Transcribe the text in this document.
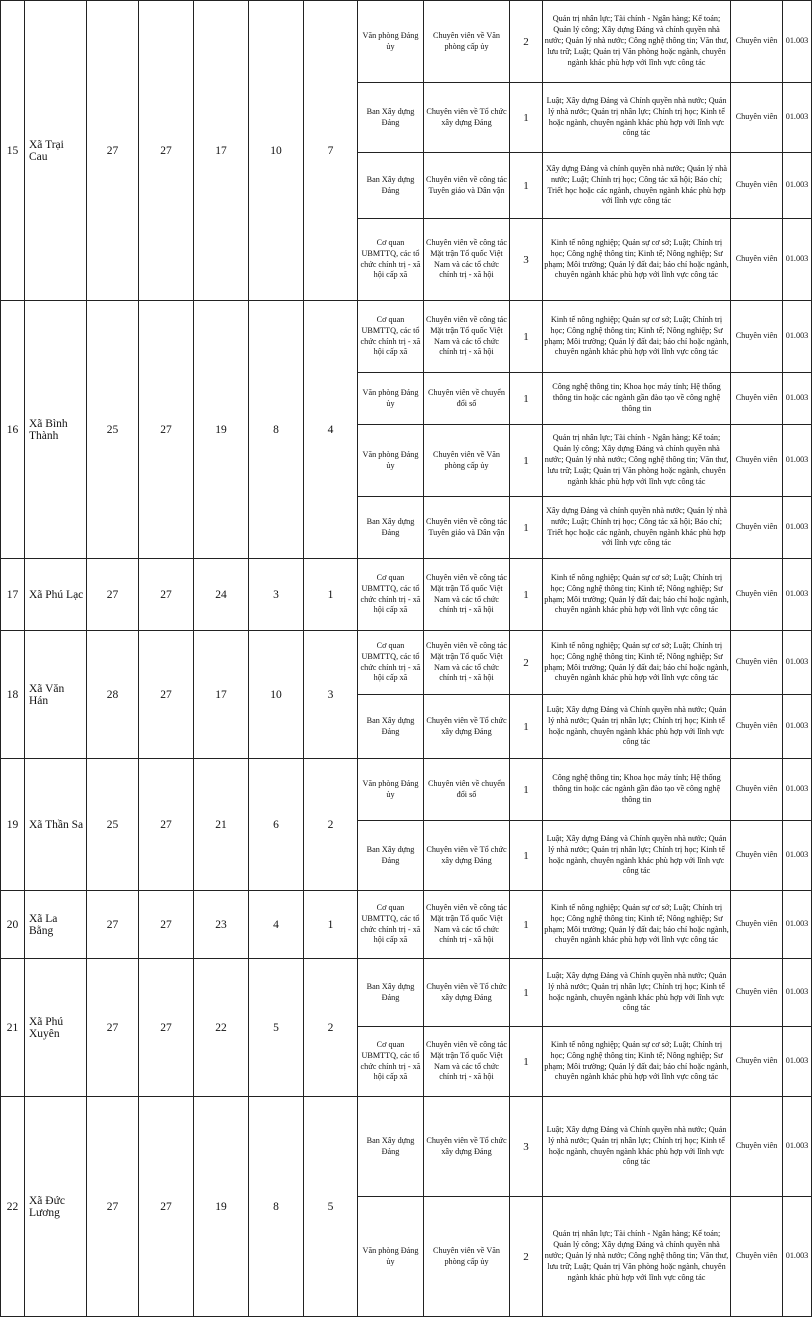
15	Xã Trại Cau	27	27	17	10	7	Văn phòng Đảng ủy	Chuyên viên về Văn phòng cấp ủy	2	Quản trị nhân lực; Tài chính - Ngân hàng; Kế toán; Quản lý công; Xây dựng Đảng và chính quyền nhà nước; Quản lý nhà nước; Công nghệ thông tin; Văn thư, lưu trữ; Luật; Quản trị Văn phòng hoặc ngành, chuyên ngành khác phù hợp với lĩnh vực công tác	Chuyên viên	01.003
							Ban Xây dựng Đảng	Chuyên viên về Tổ chức xây dựng Đảng	1	Luật; Xây dựng Đảng và Chính quyền nhà nước; Quản lý nhà nước; Quản trị nhân lực; Chính trị học; Kinh tế hoặc ngành, chuyên ngành khác phù hợp với lĩnh vực công tác	Chuyên viên	01.003
							Ban Xây dựng Đảng	Chuyên viên về công tác Tuyên giáo và Dân vận	1	Xây dựng Đảng và chính quyền nhà nước; Quản lý nhà nước; Luật; Chính trị học; Công tác xã hội; Báo chí; Triết học hoặc các ngành, chuyên ngành khác phù hợp với lĩnh vực công tác	Chuyên viên	01.003
							Cơ quan UBMTTQ, các tổ chức chính trị - xã hội cấp xã	Chuyên viên về công tác Mặt trận Tổ quốc Việt Nam và các tổ chức chính trị - xã hội	3	Kinh tế nông nghiệp; Quản sự cơ sở; Luật; Chính trị học; Công nghệ thông tin; Kinh tế; Nông nghiệp; Sư phạm; Môi trường; Quản lý đất đai; báo chí hoặc ngành, chuyên ngành khác phù hợp với lĩnh vực công tác	Chuyên viên	01.003
16	Xã Bình Thành	25	27	19	8	4	Cơ quan UBMTTQ, các tổ chức chính trị - xã hội cấp xã	Chuyên viên về công tác Mặt trận Tổ quốc Việt Nam và các tổ chức chính trị - xã hội	1	Kinh tế nông nghiệp; Quản sự cơ sở; Luật; Chính trị học; Công nghệ thông tin; Kinh tế; Nông nghiệp; Sư phạm; Môi trường; Quản lý đất đai; báo chí hoặc ngành, chuyên ngành khác phù hợp với lĩnh vực công tác	Chuyên viên	01.003
							Văn phòng Đảng ủy	Chuyên viên về chuyển đổi số	1	Công nghệ thông tin; Khoa học máy tính; Hệ thống thông tin hoặc các ngành gần đào tạo về công nghệ thông tin	Chuyên viên	01.003
							Văn phòng Đảng ủy	Chuyên viên về Văn phòng cấp ủy	1	Quản trị nhân lực; Tài chính - Ngân hàng; Kế toán; Quản lý công; Xây dựng Đảng và chính quyền nhà nước; Quản lý nhà nước; Công nghệ thông tin; Văn thư, lưu trữ; Luật; Quản trị Văn phòng hoặc ngành, chuyên ngành khác phù hợp với lĩnh vực công tác	Chuyên viên	01.003
							Ban Xây dựng Đảng	Chuyên viên về công tác Tuyên giáo và Dân vận	1	Xây dựng Đảng và chính quyền nhà nước; Quản lý nhà nước; Luật; Chính trị học; Công tác xã hội; Báo chí; Triết học hoặc các ngành, chuyên ngành khác phù hợp với lĩnh vực công tác	Chuyên viên	01.003
17	Xã Phú Lạc	27	27	24	3	1	Cơ quan UBMTTQ, các tổ chức chính trị - xã hội cấp xã	Chuyên viên về công tác Mặt trận Tổ quốc Việt Nam và các tổ chức chính trị - xã hội	1	Kinh tế nông nghiệp; Quản sự cơ sở; Luật; Chính trị học; Công nghệ thông tin; Kinh tế; Nông nghiệp; Sư phạm; Môi trường; Quản lý đất đai; báo chí hoặc ngành, chuyên ngành khác phù hợp với lĩnh vực công tác	Chuyên viên	01.003
18	Xã Văn Hán	28	27	17	10	3	Cơ quan UBMTTQ, các tổ chức chính trị - xã hội cấp xã	Chuyên viên về công tác Mặt trận Tổ quốc Việt Nam và các tổ chức chính trị - xã hội	2	Kinh tế nông nghiệp; Quản sự cơ sở; Luật; Chính trị học; Công nghệ thông tin; Kinh tế; Nông nghiệp; Sư phạm; Môi trường; Quản lý đất đai; báo chí hoặc ngành, chuyên ngành khác phù hợp với lĩnh vực công tác	Chuyên viên	01.003
							Ban Xây dựng Đảng	Chuyên viên về Tổ chức xây dựng Đảng	1	Luật; Xây dựng Đảng và Chính quyền nhà nước; Quản lý nhà nước; Quản trị nhân lực; Chính trị học; Kinh tế hoặc ngành, chuyên ngành khác phù hợp với lĩnh vực công tác	Chuyên viên	01.003
19	Xã Thần Sa	25	27	21	6	2	Văn phòng Đảng ủy	Chuyên viên về chuyển đổi số	1	Công nghệ thông tin; Khoa học máy tính; Hệ thống thông tin hoặc các ngành gần đào tạo về công nghệ thông tin	Chuyên viên	01.003
							Ban Xây dựng Đảng	Chuyên viên về Tổ chức xây dựng Đảng	1	Luật; Xây dựng Đảng và Chính quyền nhà nước; Quản lý nhà nước; Quản trị nhân lực; Chính trị học; Kinh tế hoặc ngành, chuyên ngành khác phù hợp với lĩnh vực công tác	Chuyên viên	01.003
20	Xã La Bằng	27	27	23	4	1	Cơ quan UBMTTQ, các tổ chức chính trị - xã hội cấp xã	Chuyên viên về công tác Mặt trận Tổ quốc Việt Nam và các tổ chức chính trị - xã hội	1	Kinh tế nông nghiệp; Quản sự cơ sở; Luật; Chính trị học; Công nghệ thông tin; Kinh tế; Nông nghiệp; Sư phạm; Môi trường; Quản lý đất đai; báo chí hoặc ngành, chuyên ngành khác phù hợp với lĩnh vực công tác	Chuyên viên	01.003
21	Xã Phú Xuyên	27	27	22	5	2	Ban Xây dựng Đảng	Chuyên viên về Tổ chức xây dựng Đảng	1	Luật; Xây dựng Đảng và Chính quyền nhà nước; Quản lý nhà nước; Quản trị nhân lực; Chính trị học; Kinh tế hoặc ngành, chuyên ngành khác phù hợp với lĩnh vực công tác	Chuyên viên	01.003
							Cơ quan UBMTTQ, các tổ chức chính trị - xã hội cấp xã	Chuyên viên về công tác Mặt trận Tổ quốc Việt Nam và các tổ chức chính trị - xã hội	1	Kinh tế nông nghiệp; Quản sự cơ sở; Luật; Chính trị học; Công nghệ thông tin; Kinh tế; Nông nghiệp; Sư phạm; Môi trường; Quản lý đất đai; báo chí hoặc ngành, chuyên ngành khác phù hợp với lĩnh vực công tác	Chuyên viên	01.003
22	Xã Đức Lương	27	27	19	8	5	Ban Xây dựng Đảng	Chuyên viên về Tổ chức xây dựng Đảng	3	Luật; Xây dựng Đảng và Chính quyền nhà nước; Quản lý nhà nước; Quản trị nhân lực; Chính trị học; Kinh tế hoặc ngành, chuyên ngành khác phù hợp với lĩnh vực công tác	Chuyên viên	01.003
							Văn phòng Đảng ủy	Chuyên viên về Văn phòng cấp ủy	2	Quản trị nhân lực; Tài chính - Ngân hàng; Kế toán; Quản lý công; Xây dựng Đảng và chính quyền nhà nước; Quản lý nhà nước; Công nghệ thông tin; Văn thư, lưu trữ; Luật; Quản trị Văn phòng hoặc ngành, chuyên ngành khác phù hợp với lĩnh vực công tác	Chuyên viên	01.003
